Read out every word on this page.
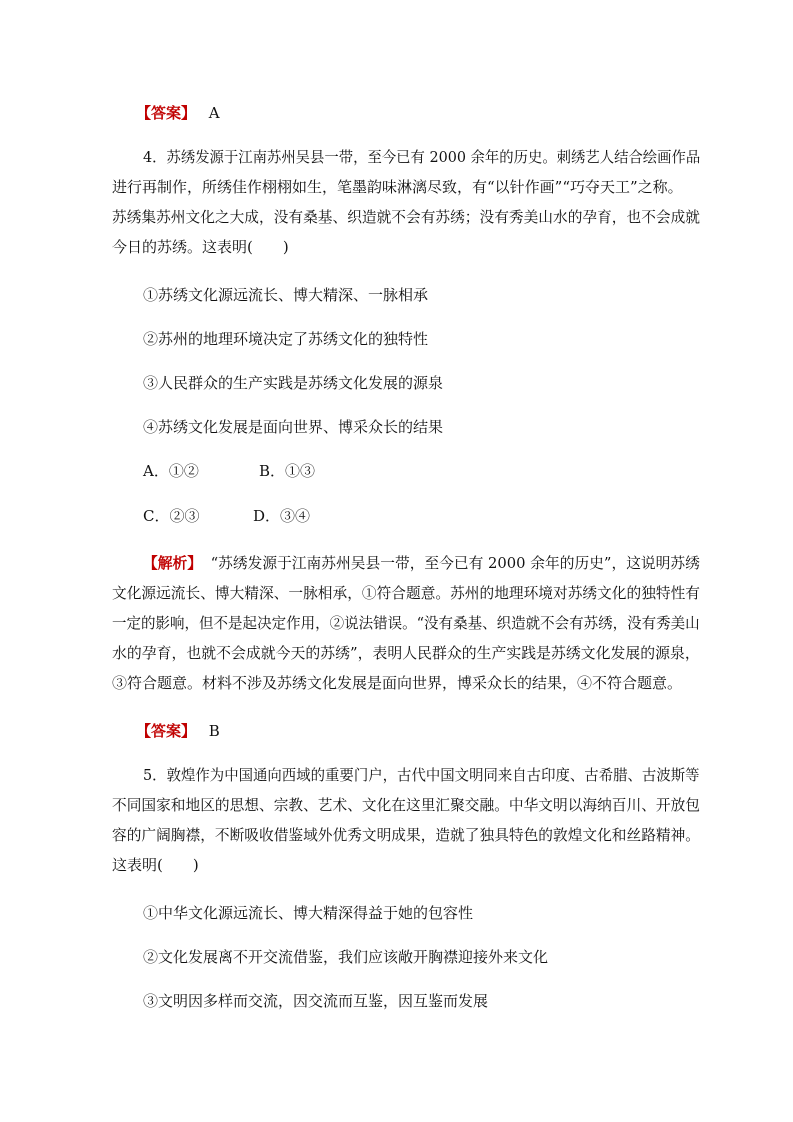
【答案】 A
4．苏绣发源于江南苏州吴县一带，至今已有 2000 余年的历史。刺绣艺人结合绘画作品
进行再制作，所绣佳作栩栩如生，笔墨韵味淋漓尽致，有“以针作画”“巧夺天工”之称。
苏绣集苏州文化之大成，没有桑基、织造就不会有苏绣；没有秀美山水的孕育，也不会成就
今日的苏绣。这表明(　　)
①苏绣文化源远流长、博大精深、一脉相承
②苏州的地理环境决定了苏绣文化的独特性
③人民群众的生产实践是苏绣文化发展的源泉
④苏绣文化发展是面向世界、博采众长的结果
A．①②	B．①③
C．②③	D．③④
【解析】 “苏绣发源于江南苏州吴县一带，至今已有 2000 余年的历史”，这说明苏绣
文化源远流长、博大精深、一脉相承，①符合题意。苏州的地理环境对苏绣文化的独特性有
一定的影响，但不是起决定作用，②说法错误。“没有桑基、织造就不会有苏绣，没有秀美山
水的孕育，也就不会成就今天的苏绣”，表明人民群众的生产实践是苏绣文化发展的源泉，
③符合题意。材料不涉及苏绣文化发展是面向世界，博采众长的结果，④不符合题意。
【答案】 B
5．敦煌作为中国通向西域的重要门户，古代中国文明同来自古印度、古希腊、古波斯等
不同国家和地区的思想、宗教、艺术、文化在这里汇聚交融。中华文明以海纳百川、开放包
容的广阔胸襟，不断吸收借鉴域外优秀文明成果，造就了独具特色的敦煌文化和丝路精神。
这表明(　　)
①中华文化源远流长、博大精深得益于她的包容性
②文化发展离不开交流借鉴，我们应该敞开胸襟迎接外来文化
③文明因多样而交流，因交流而互鉴，因互鉴而发展
